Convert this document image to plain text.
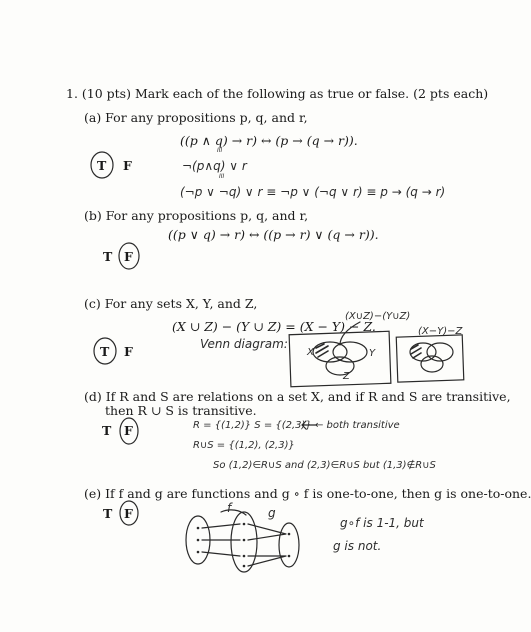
1. (10 pts) Mark each of the following as true or false. (2 pts each)
(a) For any propositions p, q, and r,
((p ∧ q) → r) ↔ (p → (q → r)).
T F	¬(p∧q) ∨ r
(¬p ∨ ¬q) ∨ r ≡ ¬p ∨ (¬q ∨ r) ≡ p → (q → r)
III
III
(b) For any propositions p, q, and r,
((p ∨ q) → r) ↔ ((p → r) ∨ (q → r)).
T F
(c) For any sets X, Y, and Z,
(X ∪ Z) − (Y ∪ Z) = (X − Y) − Z.
T F	Venn diagram:
(X∪Z)−(Y∪Z)
(X−Y)−Z
X	Y
Z
(d) If R and S are relations on a set X, and if R and S are transitive,
then R ∪ S is transitive.
T F	R = {(1,2)} S = {(2,3)} ← both transitive
R∪S = {(1,2), (2,3)}
So (1,2)∈R∪S and (2,3)∈R∪S but (1,3)∉R∪S
(e) If f and g are functions and g ∘ f is one-to-one, then g is one-to-one.
T F
g∘f is 1-1, but
g is not.
f	g
